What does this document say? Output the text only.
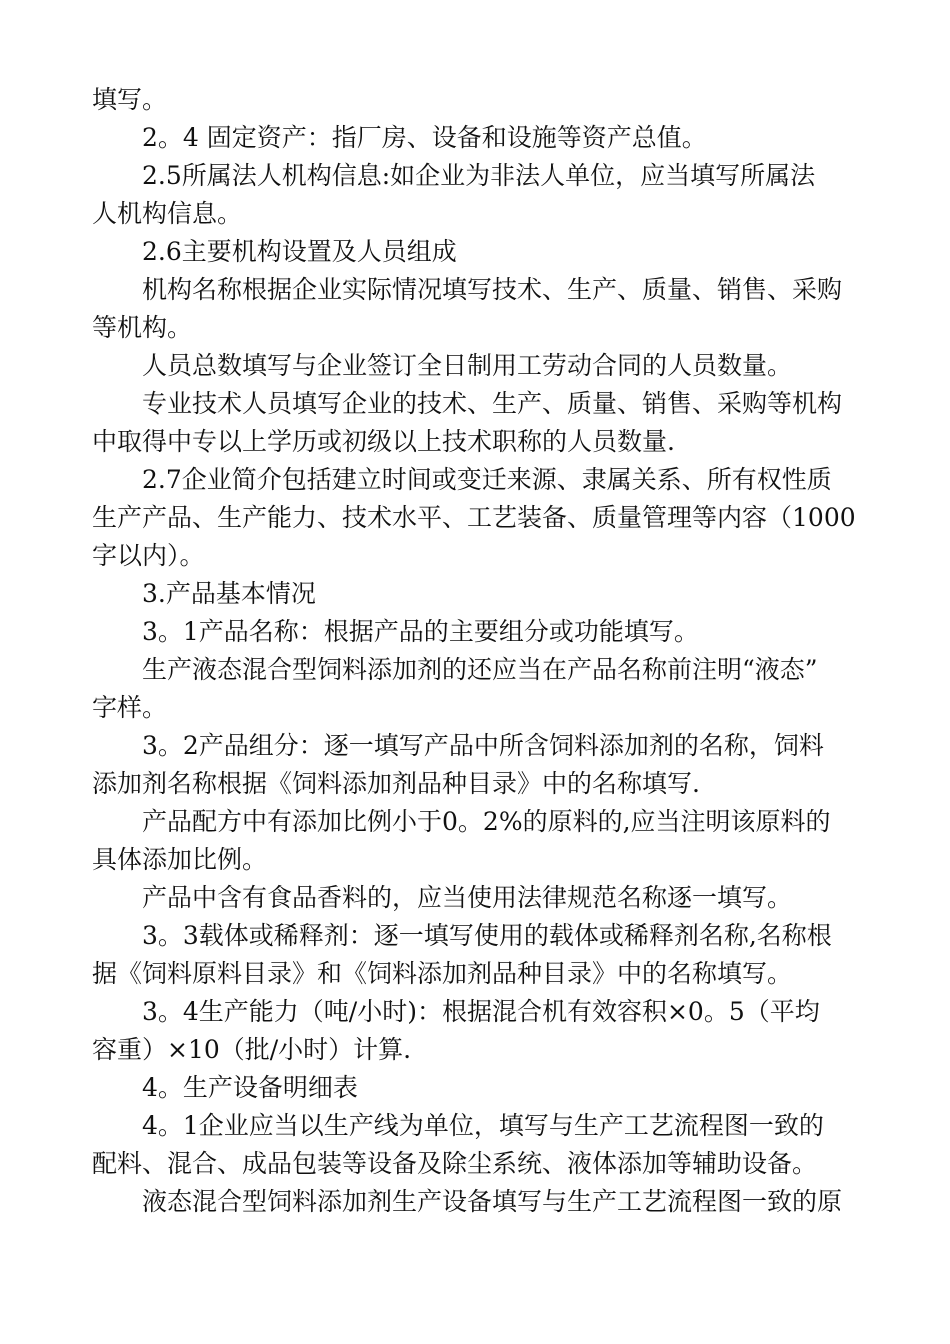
填写。
2。4 固定资产：指厂房、设备和设施等资产总值。
2.5所属法人机构信息:如企业为非法人单位，应当填写所属法
人机构信息。
2.6主要机构设置及人员组成
机构名称根据企业实际情况填写技术、生产、质量、销售、采购
等机构。
人员总数填写与企业签订全日制用工劳动合同的人员数量。
专业技术人员填写企业的技术、生产、质量、销售、采购等机构
中取得中专以上学历或初级以上技术职称的人员数量.
2.7企业简介包括建立时间或变迁来源、隶属关系、所有权性质
生产产品、生产能力、技术水平、工艺装备、质量管理等内容（1000
字以内）。
3.产品基本情况
3。1产品名称：根据产品的主要组分或功能填写。
生产液态混合型饲料添加剂的还应当在产品名称前注明“液态”
字样。
3。2产品组分：逐一填写产品中所含饲料添加剂的名称，饲料
添加剂名称根据《饲料添加剂品种目录》中的名称填写.
产品配方中有添加比例小于0。2%的原料的,应当注明该原料的
具体添加比例。
产品中含有食品香料的，应当使用法律规范名称逐一填写。
3。3载体或稀释剂：逐一填写使用的载体或稀释剂名称,名称根
据《饲料原料目录》和《饲料添加剂品种目录》中的名称填写。
3。4生产能力（吨/小时)：根据混合机有效容积×0。5（平均
容重）×10（批/小时）计算.
4。生产设备明细表
4。1企业应当以生产线为单位，填写与生产工艺流程图一致的
配料、混合、成品包装等设备及除尘系统、液体添加等辅助设备。
液态混合型饲料添加剂生产设备填写与生产工艺流程图一致的原
